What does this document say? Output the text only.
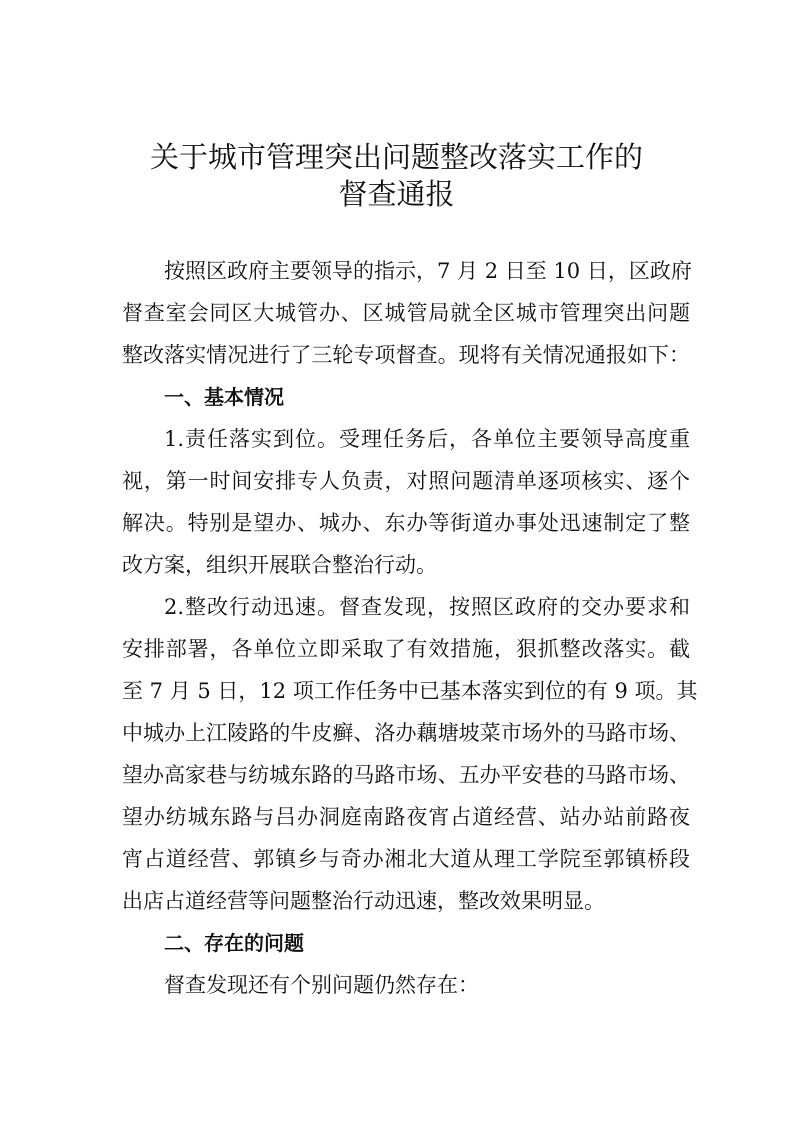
关于城市管理突出问题整改落实工作的
督查通报
按照区政府主要领导的指示，7 月 2 日至 10 日，区政府
督查室会同区大城管办、区城管局就全区城市管理突出问题
整改落实情况进行了三轮专项督查。现将有关情况通报如下：
一、基本情况
1.责任落实到位。受理任务后，各单位主要领导高度重
视，第一时间安排专人负责，对照问题清单逐项核实、逐个
解决。特别是望办、城办、东办等街道办事处迅速制定了整
改方案，组织开展联合整治行动。
2.整改行动迅速。督查发现，按照区政府的交办要求和
安排部署，各单位立即采取了有效措施，狠抓整改落实。截
至 7 月 5 日，12 项工作任务中已基本落实到位的有 9 项。其
中城办上江陵路的牛皮癣、洛办藕塘坡菜市场外的马路市场、
望办高家巷与纺城东路的马路市场、五办平安巷的马路市场、
望办纺城东路与吕办洞庭南路夜宵占道经营、站办站前路夜
宵占道经营、郭镇乡与奇办湘北大道从理工学院至郭镇桥段
出店占道经营等问题整治行动迅速，整改效果明显。
二、存在的问题
督查发现还有个别问题仍然存在：
